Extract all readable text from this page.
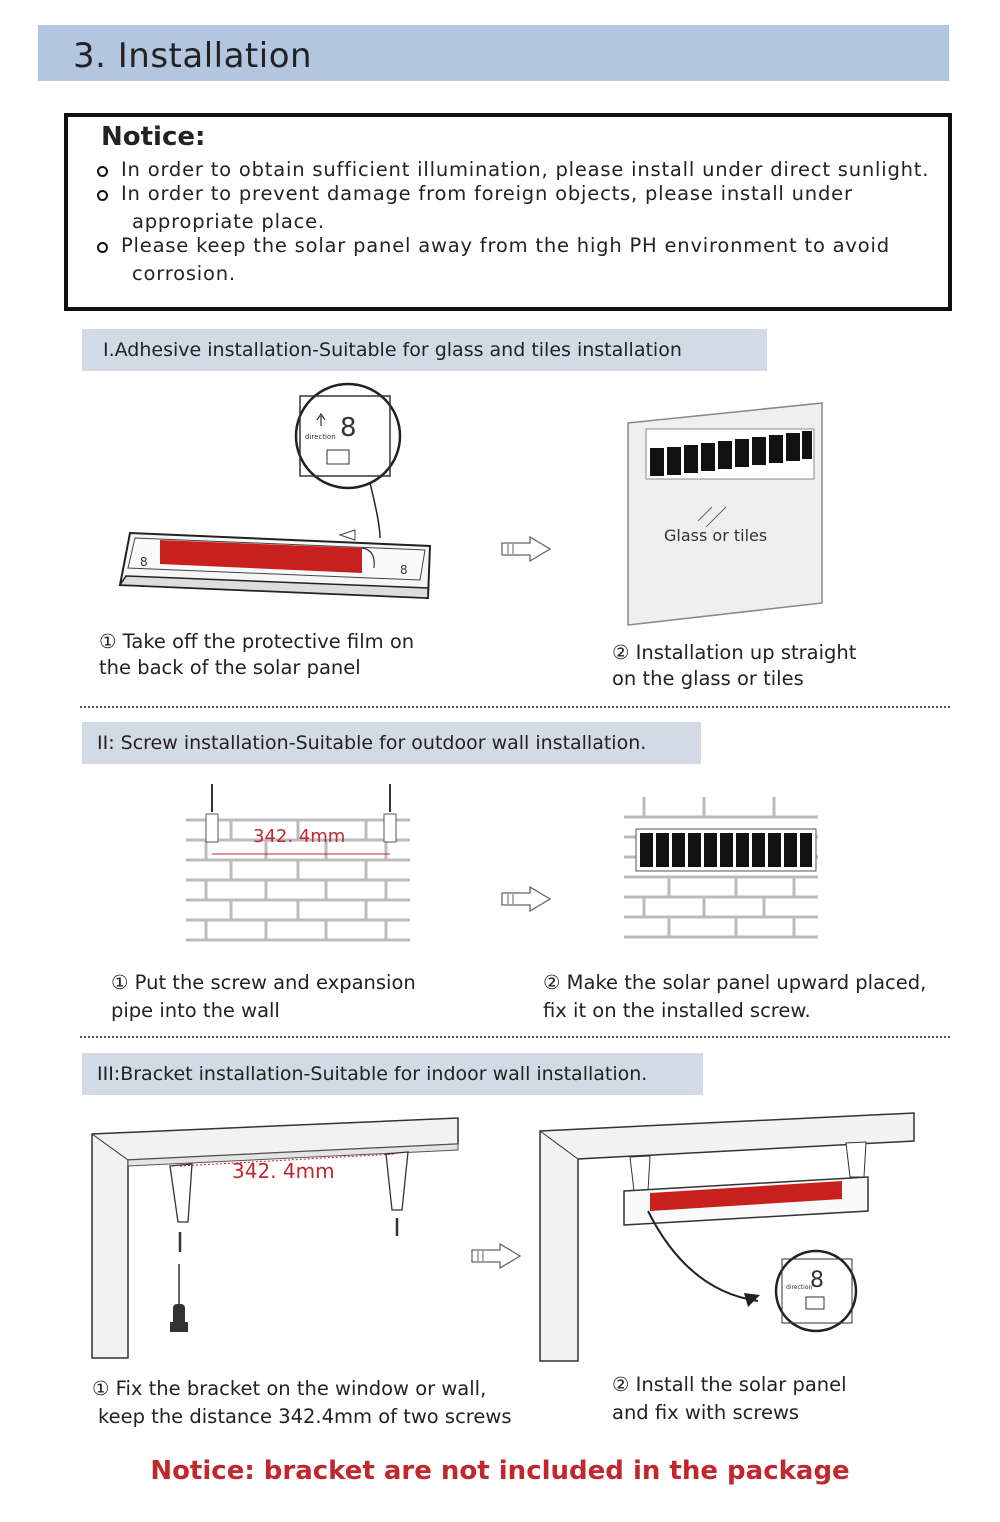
3. Installation
Notice:
In order to obtain sufficient illumination, please install under direct sunlight.
In order to prevent damage from foreign objects, please install under
appropriate place.
Please keep the solar panel away from the high PH environment to avoid
corrosion.
Ⅰ.Adhesive installation-Suitable for glass and tiles installation
8
8
8
direction
Glass or tiles
① Take off the protective film on
the back of the solar panel
② Installation up straight
on the glass or tiles
II: Screw installation-Suitable for outdoor wall installation.
342. 4mm
① Put the screw and expansion
pipe into the wall
② Make the solar panel upward placed,
fix it on the installed screw.
III:Bracket installation-Suitable for indoor wall installation.
342. 4mm
8
direction
① Fix the bracket on the window or wall,
keep the distance 342.4mm of two screws
② Install the solar panel
and fix with screws
Notice: bracket are not included in the package
